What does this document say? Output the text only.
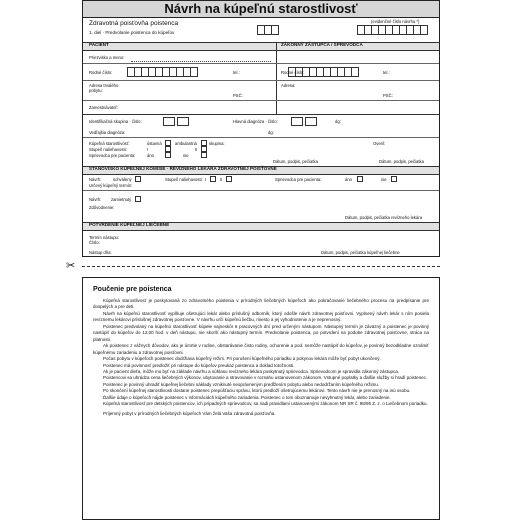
Návrh na kúpeľnú starostlivosť
Zdravotná poisťovňa poistenca
1. diel · Predvolanie poistenca do kúpeľov
(evidenčné číslo návrhu *)
PACIENT	ZÁKONNÝ ZÁSTUPCA / SPREVODCA
Priezvisko a meno:
Rodné číslo:	tel.:	Rodné číslo:	tel.:
Adresa trvalého pobytu:
PSČ:
Adresa:
PSČ:
Zamestnávateľ:
Identifikačná skupina · číslo:	Hlavná diagnóza · číslo:	dg:
Vedľajšia diagnóza:	dg:
Kúpeľná starostlivosť:	ústavná	ambulantná	skupina:
Stupeň naliehavosti:	I	II
Sprievodca pre pacienta:	áno	nie
Overil:
Dátum, podpis, pečiatka	Dátum, podpis, pečiatka
STANOVISKO KÚPEĽNEJ KOMISIE · REVÍZNEHO LEKÁRA ZDRAVOTNEJ POISŤOVNE
Návrh:	schválený	Stupeň naliehavosti: I	II	Sprievodca pre pacienta:	áno	nie
Určený kúpeľný termín:
Návrh: zamietnutý
Zdôvodnenie:
Dátum, podpis, pečiatka revízneho lekára
POTVRDENIE KÚPEĽNEJ LIEČEBNE
Termín nástupu:
Číslo:
Nástup dňa:	Dátum, podpis, pečiatka kúpeľnej liečebne
✂
Poučenie pre poistenca

Kúpeľná starostlivosť je poskytovaná zo zdravotného poistenia v prírodných liečebných kúpeľoch ako pokračovanie liečebného procesu na predpísanie pre dospelých a pre deti.

Návrh na kúpeľnú starostlivosť vyplňuje ošetrujúci lekár alebo príslušný odborník, ktorý odošle návrh zdravotnej poisťovni. Vyplnený návrh lekár s ním posiela revíznemu lekárovi príslušnej zdravotnej poisťovne. V návrhu určí kúpeľnú liečbu, miesto a jej vyhodnotenie a je neprenosný.

Poistenec predvolaný na kúpeľnú starostlivosť kúpele najneskôr 6 pracovných dní pred určeným nástupom. Nástupný termín je záväzný a poistenec je povinný nastúpiť do kúpeľov do 12,00 hod. v deň nástupu, nie skorší ako nástupný termín. Predvolanie poistenca, po potvrdení na podobe zdravotnej poisťovne, stráca na platnosti.

Ak poistenec z vážnych dôvodov, ako je úmrtie v rodine, obstarávanie čisto rodiny, ochorenie a pod. nemôže nastúpiť do kúpeľov, je povinný bezodkladne oznámiť kúpeľnému zariadeniu a zdravotnej poisťovni.

Počas pobytu v kúpeľoch poistenec dodržiava kúpeľný režim. Pri porušení kúpeľného poriadku a pokynov lekára môže byť pobyt ukončený.

Poistenec má povinnosť predložiť pri nástupe do kúpeľov preukaz poistenca a doklad totožnosti.

Ak je pacient dieťa, môže mu byť na základe návrhu a súhlasu revízneho lekára poskytnutý sprievodca. Sprievodcom je spravidla zákonný zástupca.

Poistencovi sa uhrádza cena liečebných výkonov, ubytovanie a stravovanie v rozsahu ustanovenom zákonom. Vstupné poplatky a ďalšie služby si hradí poistenec.

Poistenec je povinný uhradiť kúpeľnej liečebni náklady vzniknuté neoprávneným predĺžením pobytu alebo nedodržaním kúpeľného režimu.

Po skončení kúpeľnej starostlivosti dostane poistenec prepúšťaciu správu, ktorú predloží ošetrujúcemu lekárovi. Tento návrh nie je prenosný na inú osobu.

Ďalšie údaje o kúpeľoch nájde poistenec v informáciách kúpeľného zariadenia. Poistenec o tom oboznamuje nevyhnutný lekár, alebo zariadenie.

Kúpeľná starostlivosť pre detských poistencov, ich prípadných sprievodcov, sa riadi pravidlami ustanovenými zákonom NR SR č. 98/95 Z. z. o Liečebnom poriadku.

Príjemný pobyt v prírodných liečebných kúpeľoch Vám želá Vaša zdravotná poisťovňa.
